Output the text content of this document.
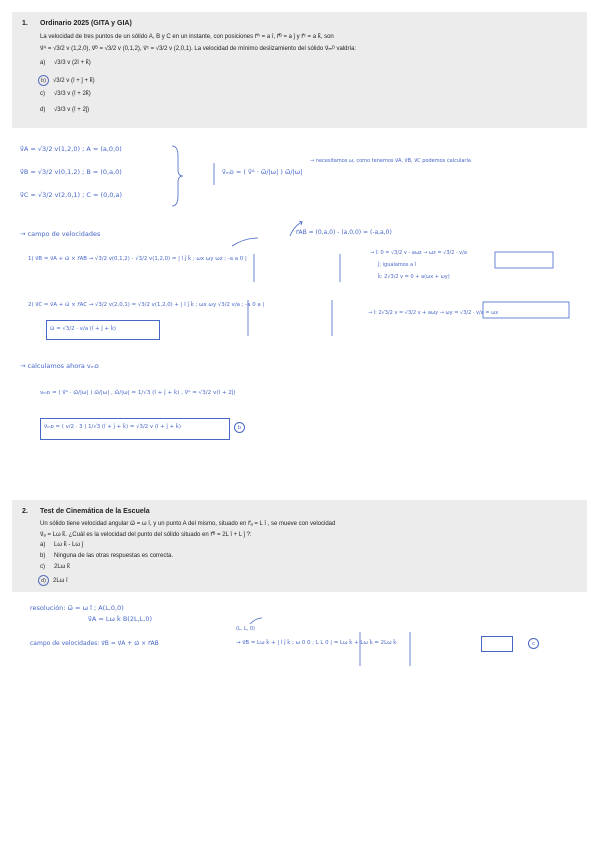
1. Ordinario 2025 (GITA y GIA)
La velocidad de tres puntos de un sólido A, B y C en un instante, con posiciones r⃗ᴬ = a î, r⃗ᴮ = a ĵ y r⃗ᶜ = a k̂, son
v⃗ᴬ = √3/2 v (1,2,0), v⃗ᴮ = √3/2 v (0,1,2), v⃗ᶜ = √3/2 v (2,0,1). La velocidad de mínimo deslizamiento del sólido v⃗ₘᴰ valdría:
a)	√3/3 v (2î + k̂)
b) √3/2 v (î + ĵ + k̂)
c)	√3/3 v (î + 2k̂)
d)	√3/3 v (î + 2ĵ)
v⃗A = √3/2 v(1,2,0) ; A = (a,0,0)
v⃗B = √3/2 v(0,1,2) ; B = (0,a,0)
v⃗C = √3/2 v(2,0,1) ; C = (0,0,a)
v⃗ₘᴅ = ( v⃗ᴬ · ω⃗/|ω| ) ω⃗/|ω|
→ necesitamos ω, como tenemos v⃗A, v⃗B, v⃗C podemos calcularla
r⃗AB = (0,a,0) - (a,0,0) = (-a,a,0)
→ campo de velocidades
1) v⃗B = v⃗A + ω⃗ × r⃗AB → √3/2 v(0,1,2) - √3/2 v(1,2,0) = | î ĵ k̂ ; ωx ωy ωz ; -a a 0 |
→ î: 0 = √3/2 v - aωz → ωz = √3/2 · v/a
ĵ: igualamos a î
k̂: 2√3/2 v = 0 + a(ωx + ωy)
2) v⃗C = v⃗A + ω⃗ × r⃗AC → √3/2 v(2,0,1) = √3/2 v(1,2,0) + | î ĵ k̂ ; ωx ωy √3/2 v/a ; -a 0 a |
→ î: 2√3/2 v = √3/2 v + aωy → ωy = √3/2 · v/a = ωx
ω⃗ = √3/2 · v/a (î + ĵ + k̂)
→ calculamos ahora vₘᴅ
vₘᴅ = ( v⃗ᴬ · ω⃗/|ω| ) ω⃗/|ω| , ω⃗/|ω| = 1/√3 (î + ĵ + k̂) , v⃗ᴬ = √3/2 v(î + 2ĵ)
v⃗ₘᴅ = ( v/2 · 3 ) 1/√3 (î + ĵ + k̂) = √3/2 v (î + ĵ + k̂)	b
2. Test de Cinemática de la Escuela
Un sólido tiene velocidad angular ω⃗ = ω î, y un punto A del mismo, situado en r⃗ₐ = L î , se mueve con velocidad
v⃗ₐ = Lω k̂. ¿Cuál es la velocidad del punto del sólido situado en r⃗ᴮ = 2L î + L ĵ ?:
a)	Lω k̂ - Lω ĵ
b)	Ninguna de las otras respuestas es correcta.
c)	2Lω k̂
d) 2Lω î
resolución: ω⃗ = ω î ; A(L,0,0)
v⃗A = Lω k̂ B(2L,L,0)
campo de velocidades: v⃗B = v⃗A + ω⃗ × r⃗AB
(L, L, 0)
→ v⃗B = Lω k̂ + | î ĵ k̂ ; ω 0 0 ; L L 0 | = Lω k̂ + Lω k̂ = 2Lω k̂	c
